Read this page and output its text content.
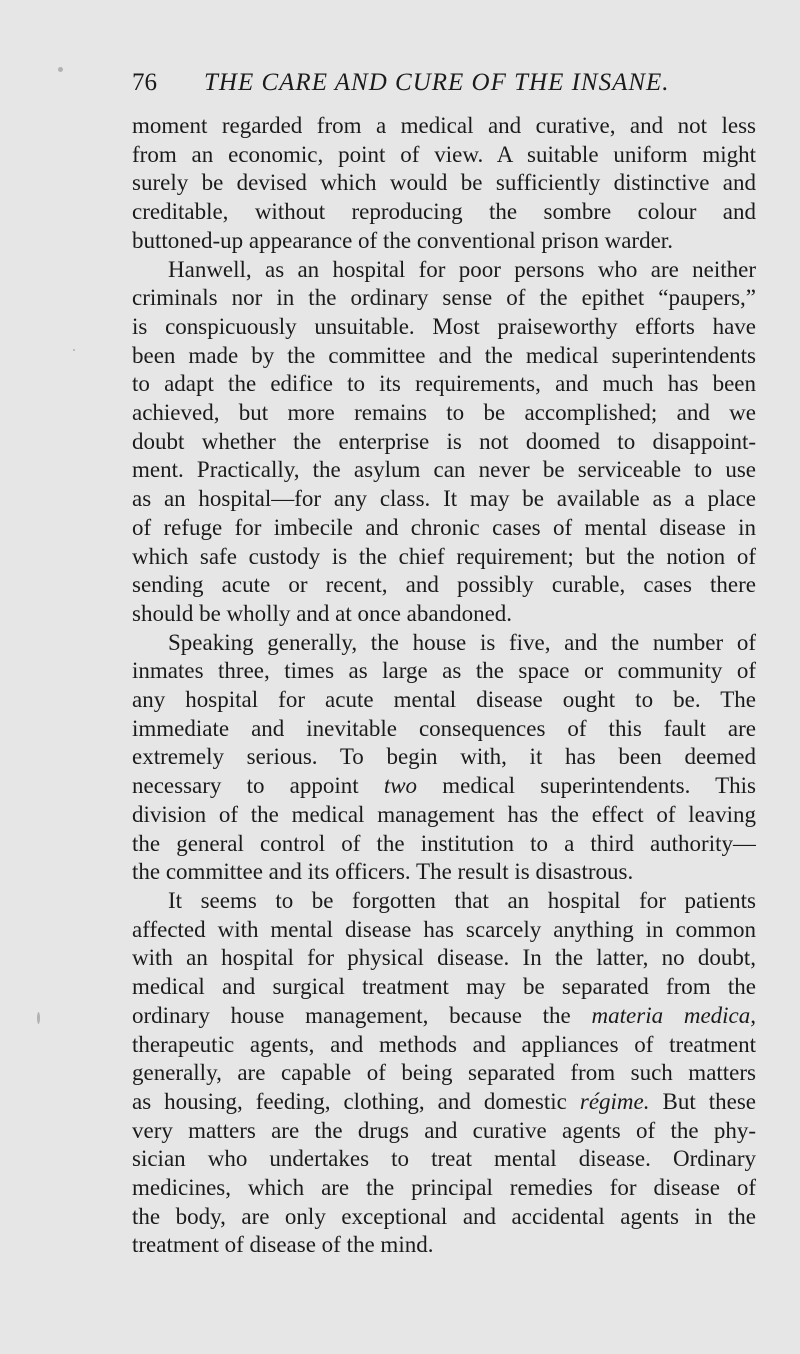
76 THE CARE AND CURE OF THE INSANE.

moment regarded from a medical and curative, and not less
from an economic, point of view. A suitable uniform might
surely be devised which would be sufficiently distinctive and
creditable, without reproducing the sombre colour and
buttoned-up appearance of the conventional prison warder.

Hanwell, as an hospital for poor persons who are neither
criminals nor in the ordinary sense of the epithet “paupers,”
is conspicuously unsuitable. Most praiseworthy efforts have
been made by the committee and the medical superintendents
to adapt the edifice to its requirements, and much has been
achieved, but more remains to be accomplished; and we
doubt whether the enterprise is not doomed to disappoint-
ment. Practically, the asylum can never be serviceable to use
as an hospital—for any class. It may be available as a place
of refuge for imbecile and chronic cases of mental disease in
which safe custody is the chief requirement; but the notion of
sending acute or recent, and possibly curable, cases there
should be wholly and at once abandoned.

Speaking generally, the house is five, and the number of
inmates three, times as large as the space or community of
any hospital for acute mental disease ought to be. The
immediate and inevitable consequences of this fault are
extremely serious. To begin with, it has been deemed
necessary to appoint two medical superintendents. This
division of the medical management has the effect of leaving
the general control of the institution to a third authority—
the committee and its officers. The result is disastrous.

It seems to be forgotten that an hospital for patients
affected with mental disease has scarcely anything in common
with an hospital for physical disease. In the latter, no doubt,
medical and surgical treatment may be separated from the
ordinary house management, because the materia medica,
therapeutic agents, and methods and appliances of treatment
generally, are capable of being separated from such matters
as housing, feeding, clothing, and domestic régime. But these
very matters are the drugs and curative agents of the phy-
sician who undertakes to treat mental disease. Ordinary
medicines, which are the principal remedies for disease of
the body, are only exceptional and accidental agents in the
treatment of disease of the mind.
